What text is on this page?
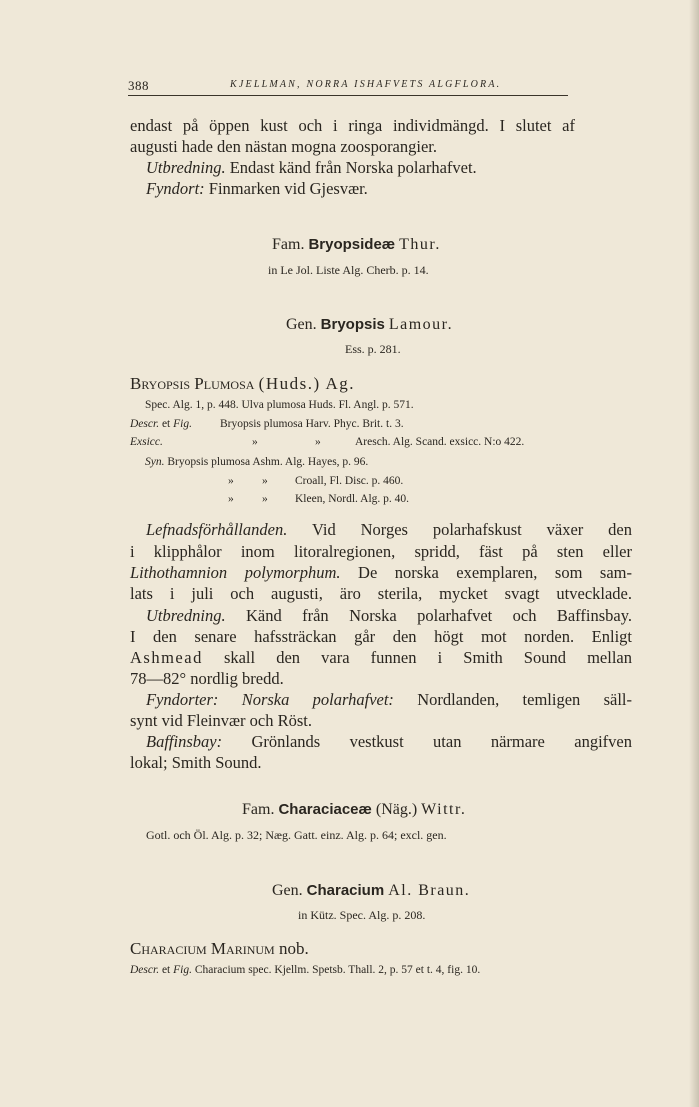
388	KJELLMAN, NORRA ISHAFVETS ALGFLORA.
endast på öppen kust och i ringa individmängd. I slutet af
augusti hade den nästan mogna zoosporangier.
Utbredning. Endast känd från Norska polarhafvet.
Fyndort: Finmarken vid Gjesvær.
Fam. Bryopsideæ Thur.
in Le Jol. Liste Alg. Cherb. p. 14.
Gen. Bryopsis Lamour.
Ess. p. 281.
Bryopsis Plumosa (Huds.) Ag.
Spec. Alg. 1, p. 448. Ulva plumosa Huds. Fl. Angl. p. 571.
Descr. et Fig. Bryopsis plumosa Harv. Phyc. Brit. t. 3.
Exsicc.	»	»	Aresch. Alg. Scand. exsicc. N:o 422.
Syn. Bryopsis plumosa Ashm. Alg. Hayes, p. 96.
» » Croall, Fl. Disc. p. 460.
» » Kleen, Nordl. Alg. p. 40.
Lefnadsförhållanden. Vid Norges polarhafskust växer den
i klipphålor inom litoralregionen, spridd, fäst på sten eller
Lithothamnion polymorphum. De norska exemplaren, som sam-
lats i juli och augusti, äro sterila, mycket svagt utvecklade.
Utbredning. Känd från Norska polarhafvet och Baffinsbay.
I den senare hafssträckan går den högt mot norden. Enligt
Ashmead skall den vara funnen i Smith Sound mellan
78—82° nordlig bredd.
Fyndorter: Norska polarhafvet: Nordlanden, temligen säll-
synt vid Fleinvær och Röst.
Baffinsbay: Grönlands vestkust utan närmare angifven
lokal; Smith Sound.
Fam. Characiaceæ (Näg.) Wittr.
Gotl. och Öl. Alg. p. 32; Næg. Gatt. einz. Alg. p. 64; excl. gen.
Gen. Characium Al. Braun.
in Kütz. Spec. Alg. p. 208.
Characium Marinum nob.
Descr. et Fig. Characium spec. Kjellm. Spetsb. Thall. 2, p. 57 et t. 4, fig. 10.
